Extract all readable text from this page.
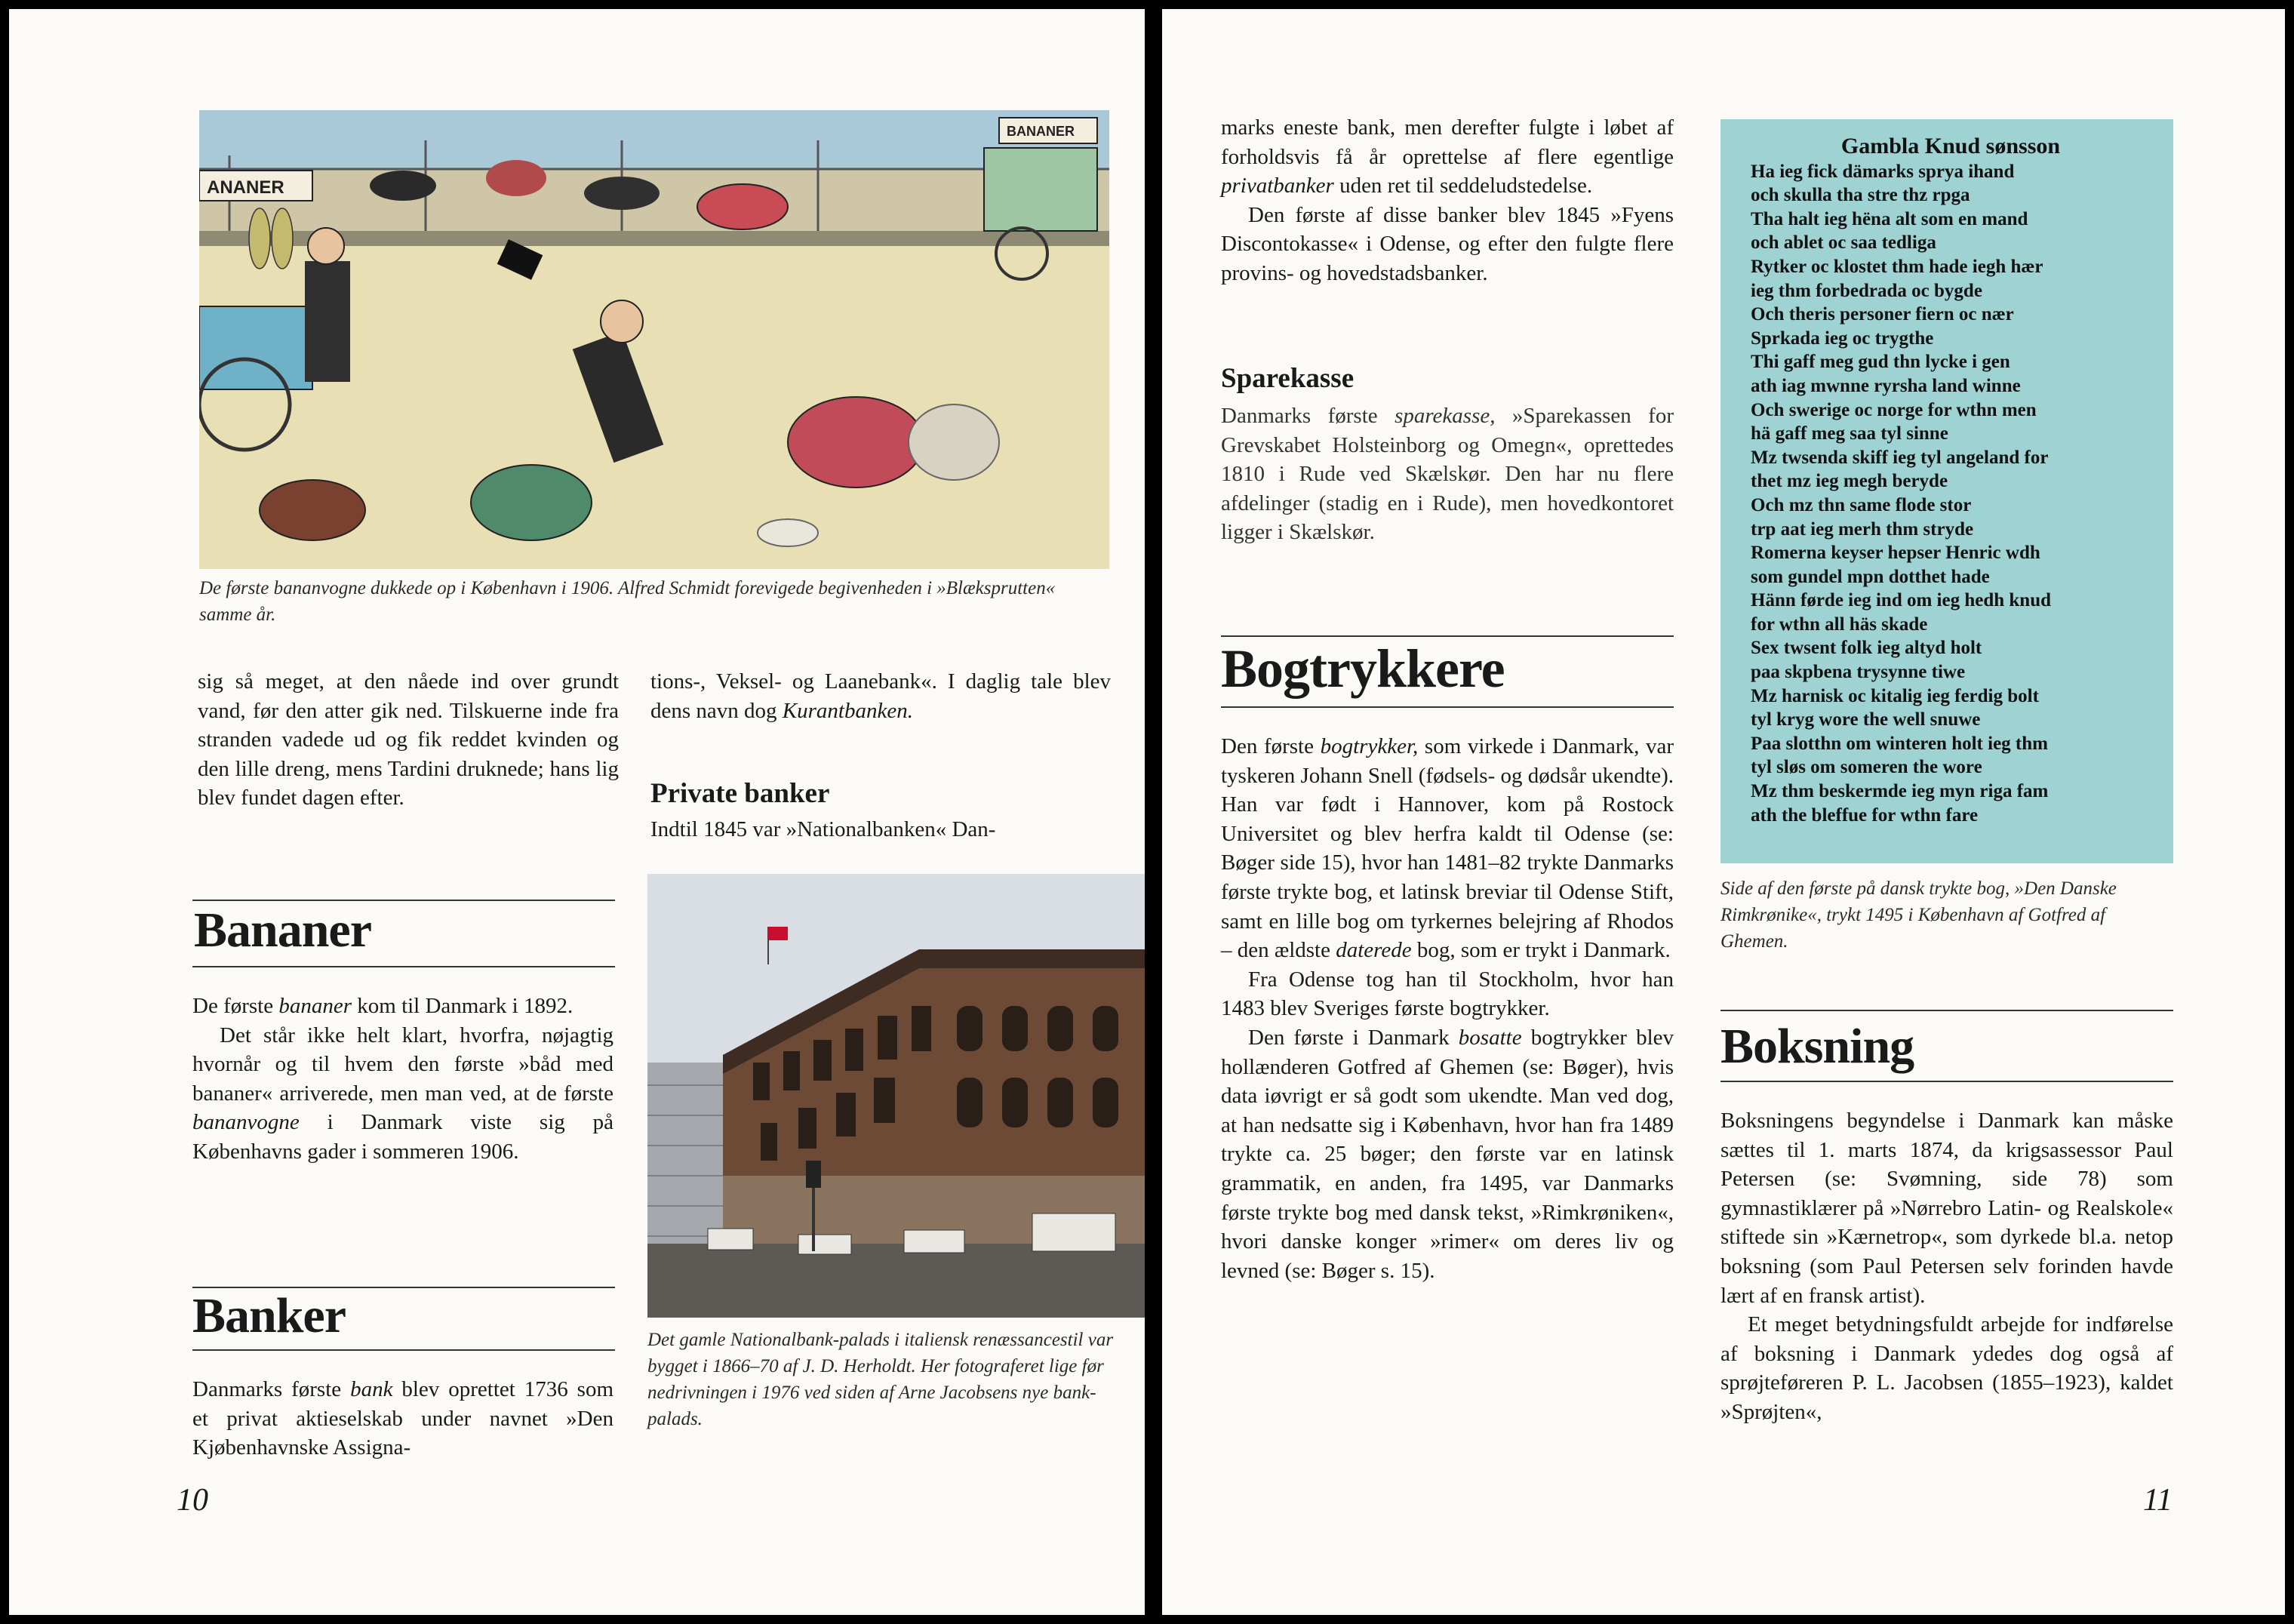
ANANER
BANANER
De første bananvogne dukkede op i København i 1906. Alfred Schmidt forevigede begivenheden i »Blæksprutten« samme år.
sig så meget, at den nåede ind over grundt vand, før den atter gik ned. Tilskuerne inde fra stranden vadede ud og fik reddet kvinden og den lille dreng, mens Tardini druknede; hans lig blev fundet dagen efter.
tions-, Veksel- og Laanebank«. I daglig tale blev dens navn dog Kurantbanken.
Private banker
Indtil 1845 var »Nationalbanken« Dan-
Bananer

De første bananer kom til Danmark i 1892.

Det står ikke helt klart, hvorfra, nøjagtig hvornår og til hvem den første »båd med bananer« arriverede, men man ved, at de første bananvogne i Danmark viste sig på Københavns gader i sommeren 1906.

Banker
Danmarks første bank blev oprettet 1736 som et privat aktieselskab under navnet »Den Kjøbenhavnske Assigna-
Det gamle Nationalbank-palads i italiensk renæssancestil var bygget i 1866–70 af J. D. Herholdt. Her fotograferet lige før nedrivningen i 1976 ved siden af Arne Jacobsens nye bank-palads.
10

marks eneste bank, men derefter fulgte i løbet af forholdsvis få år oprettelse af flere egentlige privatbanker uden ret til seddeludstedelse.

Den første af disse banker blev 1845 »Fyens Discontokasse« i Odense, og efter den fulgte flere provins- og hovedstadsbanker.

Sparekasse
Danmarks første sparekasse, »Sparekassen for Grevskabet Holsteinborg og Omegn«, oprettedes 1810 i Rude ved Skælskør. Den har nu flere afdelinger (stadig en i Rude), men hovedkontoret ligger i Skælskør.
Bogtrykkere

Den første bogtrykker, som virkede i Danmark, var tyskeren Johann Snell (fødsels- og dødsår ukendte). Han var født i Hannover, kom på Rostock Universitet og blev herfra kaldt til Odense (se: Bøger side 15), hvor han 1481–82 trykte Danmarks første trykte bog, et latinsk breviar til Odense Stift, samt en lille bog om tyrkernes belejring af Rhodos – den ældste daterede bog, som er trykt i Danmark.

Fra Odense tog han til Stockholm, hvor han 1483 blev Sveriges første bogtrykker.

Den første i Danmark bosatte bogtrykker blev hollænderen Gotfred af Ghemen (se: Bøger), hvis data iøvrigt er så godt som ukendte. Man ved dog, at han nedsatte sig i København, hvor han fra 1489 trykte ca. 25 bøger; den første var en latinsk grammatik, en anden, fra 1495, var Danmarks første trykte bog med dansk tekst, »Rimkrøniken«, hvori danske konger »rimer« om deres liv og levned (se: Bøger s. 15).

Gambla Knud sønsson
Ha ieg fick dämarks sprya ihand
och skulla tha stre thz rpga
Tha halt ieg hëna alt som en mand
och ablet oc saa tedliga
Rytker oc klostet thm hade iegh hær
ieg thm forbedrada oc bygde
Och theris personer fiern oc nær
Sprkada ieg oc trygthe
Thi gaff meg gud thn lycke i gen
ath iag mwnne ryrsha land winne
Och swerige oc norge for wthn men
hä gaff meg saa tyl sinne
Mz twsenda skiff ieg tyl angeland for
thet mz ieg megh beryde
Och mz thn same flode stor
trp aat ieg merh thm stryde
Romerna keyser hepser Henric wdh
som gundel mpn dotthet hade
Hänn førde ieg ind om ieg hedh knud
for wthn all häs skade
Sex twsent folk ieg altyd holt
paa skpbena trysynne tiwe
Mz harnisk oc kitalig ieg ferdig bolt
tyl kryg wore the well snuwe
Paa slotthn om winteren holt ieg thm
tyl sløs om someren the wore
Mz thm beskermde ieg myn riga fam
ath the bleffue for wthn fare
Side af den første på dansk trykte bog, »Den Danske Rimkrønike«, trykt 1495 i København af Gotfred af Ghemen.
Boksning

Boksningens begyndelse i Danmark kan måske sættes til 1. marts 1874, da krigsassessor Paul Petersen (se: Svømning, side 78) som gymnastiklærer på »Nørrebro Latin- og Realskole« stiftede sin »Kærnetrop«, som dyrkede bl.a. netop boksning (som Paul Petersen selv forinden havde lært af en fransk artist).

Et meget betydningsfuldt arbejde for indførelse af boksning i Danmark ydedes dog også af sprøjteføreren P. L. Jacobsen (1855–1923), kaldet »Sprøjten«,

11
